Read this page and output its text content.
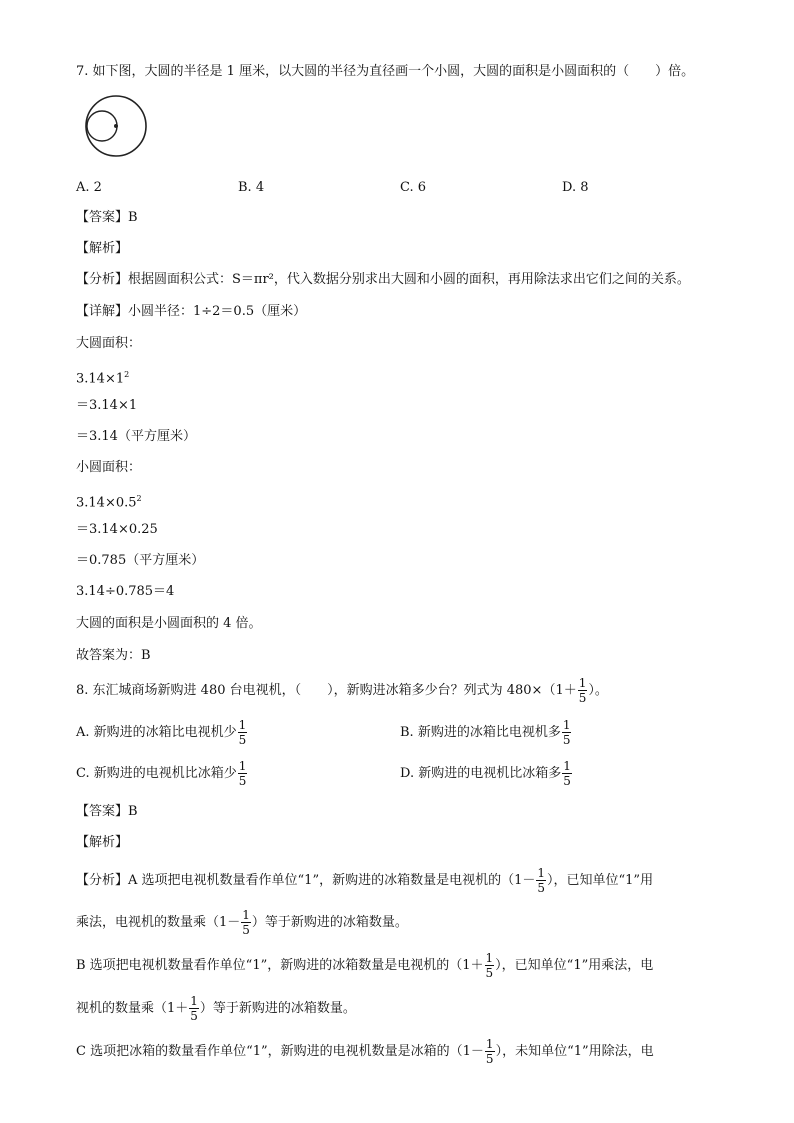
7. 如下图，大圆的半径是 1 厘米，以大圆的半径为直径画一个小圆，大圆的面积是小圆面积的（　　）倍。
A. 2	B. 4	C. 6	D. 8
【答案】B
【解析】
【分析】根据圆面积公式：S＝πr²，代入数据分别求出大圆和小圆的面积，再用除法求出它们之间的关系。
【详解】小圆半径：1÷2＝0.5（厘米）
大圆面积：
$3.14\times 1^2$
＝3.14×1
＝3.14（平方厘米）
小圆面积：
$3.14\times 0.5^2$
＝3.14×0.25
＝0.785（平方厘米）
3.14÷0.785＝4
大圆的面积是小圆面积的 4 倍。
故答案为：B
8. 东汇城商场新购进 480 台电视机，（　　），新购进冰箱多少台？列式为 $480\times(1+ \frac{1}{5}$ ）。
A. 新购进的冰箱比电视机少 $\frac{1}{5}$	B. 新购进的冰箱比电视机多 $\frac{1}{5}$
C. 新购进的电视机比冰箱少 $\frac{1}{5}$	D. 新购进的电视机比冰箱多 $\frac{1}{5}$
【答案】B
【解析】
【分析】A 选项把电视机数量看作单位“1”，新购进的冰箱数量是电视机的（$1- \frac{1}{5}$ ），已知单位“1”用
乘法，电视机的数量乘（$1- \frac{1}{5}$ ）等于新购进的冰箱数量。
B 选项把电视机数量看作单位“1”，新购进的冰箱数量是电视机的（$1+ \frac{1}{5}$ ），已知单位“1”用乘法，电
视机的数量乘（$1+ \frac{1}{5}$ ）等于新购进的冰箱数量。
C 选项把冰箱的数量看作单位“1”，新购进的电视机数量是冰箱的（$1- \frac{1}{5}$ ），未知单位“1”用除法，电
